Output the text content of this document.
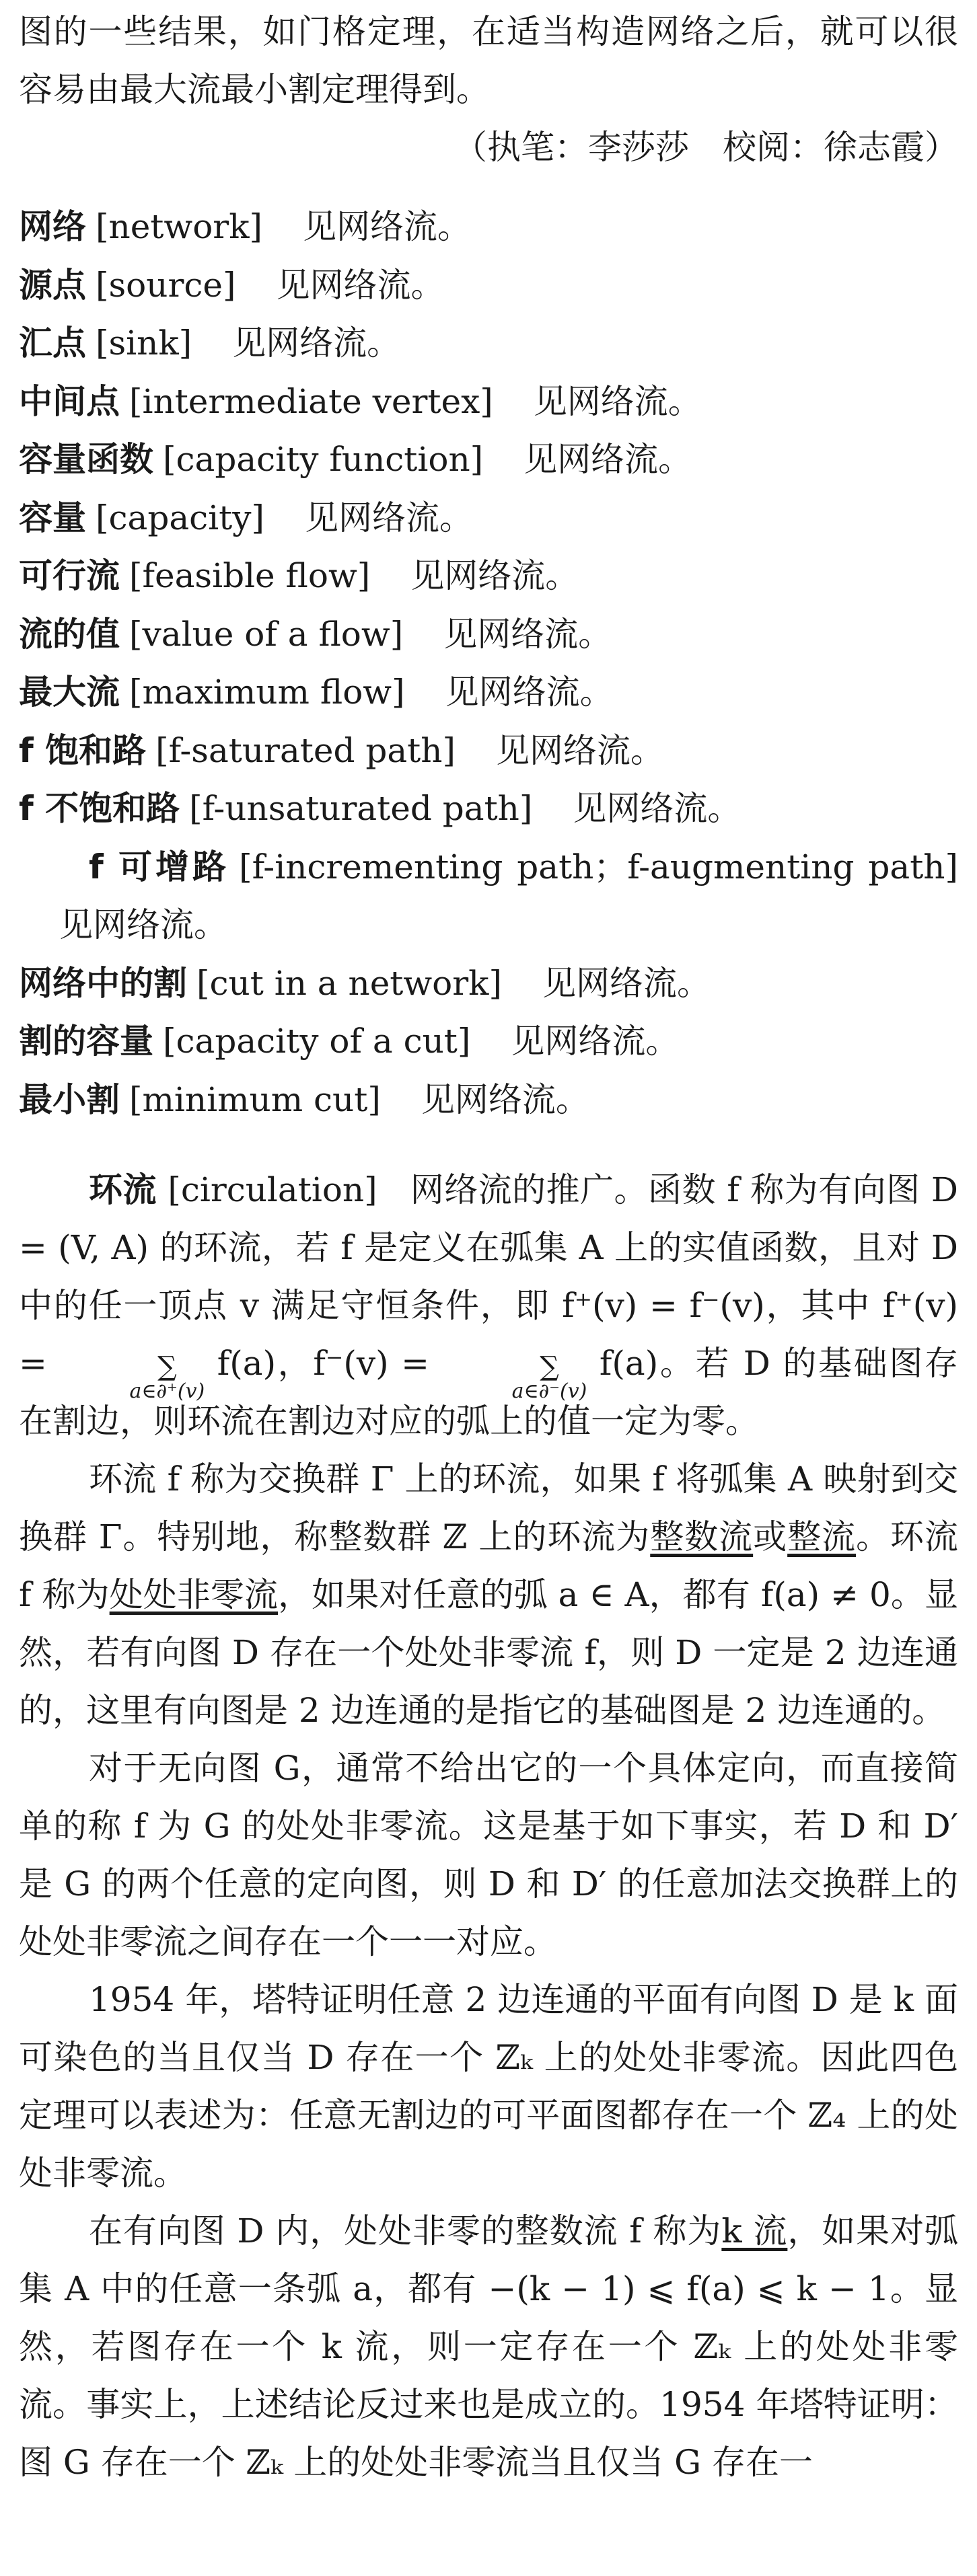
图的一些结果，如门格定理，在适当构造网络之后，就可以很容易由最大流最小割定理得到。

（执笔：李莎莎　校阅：徐志霞）

网络 [network] 见网络流。

源点 [source] 见网络流。

汇点 [sink] 见网络流。

中间点 [intermediate vertex] 见网络流。

容量函数 [capacity function] 见网络流。

容量 [capacity] 见网络流。

可行流 [feasible flow] 见网络流。

流的值 [value of a flow] 见网络流。

最大流 [maximum flow] 见网络流。

f 饱和路 [f-saturated path] 见网络流。

f 不饱和路 [f-unsaturated path] 见网络流。

f 可增路 [f-incrementing path；f-augmenting path]见网络流。

网络中的割 [cut in a network] 见网络流。

割的容量 [capacity of a cut] 见网络流。

最小割 [minimum cut] 见网络流。

环流 [circulation] 网络流的推广。函数 f 称为有向图 D = (V, A) 的环流，若 f 是定义在弧集 A 上的实值函数，且对 D 中的任一顶点 v 满足守恒条件，即 f⁺(v) = f⁻(v)，其中 f⁺(v) =	∑
a∈∂⁺(v)
f(a)，f⁻(v) =	∑
a∈∂⁻(v)
f(a)。若 D 的基础图存在割边，则环流在割边对应的弧上的值一定为零。

环流 f 称为交换群 Γ 上的环流，如果 f 将弧集 A 映射到交换群 Γ。特别地，称整数群 ℤ 上的环流为整数流或整流。环流 f 称为处处非零流，如果对任意的弧 a ∈ A，都有 f(a) ≠ 0。显然，若有向图 D 存在一个处处非零流 f，则 D 一定是 2 边连通的，这里有向图是 2 边连通的是指它的基础图是 2 边连通的。

对于无向图 G，通常不给出它的一个具体定向，而直接简单的称 f 为 G 的处处非零流。这是基于如下事实，若 D 和 D′ 是 G 的两个任意的定向图，则 D 和 D′ 的任意加法交换群上的处处非零流之间存在一个一一对应。

1954 年，塔特证明任意 2 边连通的平面有向图 D 是 k 面可染色的当且仅当 D 存在一个 ℤₖ 上的处处非零流。因此四色定理可以表述为：任意无割边的可平面图都存在一个 ℤ₄ 上的处处非零流。

在有向图 D 内，处处非零的整数流 f 称为k 流，如果对弧集 A 中的任意一条弧 a，都有 −(k − 1) ⩽ f(a) ⩽ k − 1。显然，若图存在一个 k 流，则一定存在一个 ℤₖ 上的处处非零流。事实上，上述结论反过来也是成立的。1954 年塔特证明：图 G 存在一个 ℤₖ 上的处处非零流当且仅当 G 存在一
